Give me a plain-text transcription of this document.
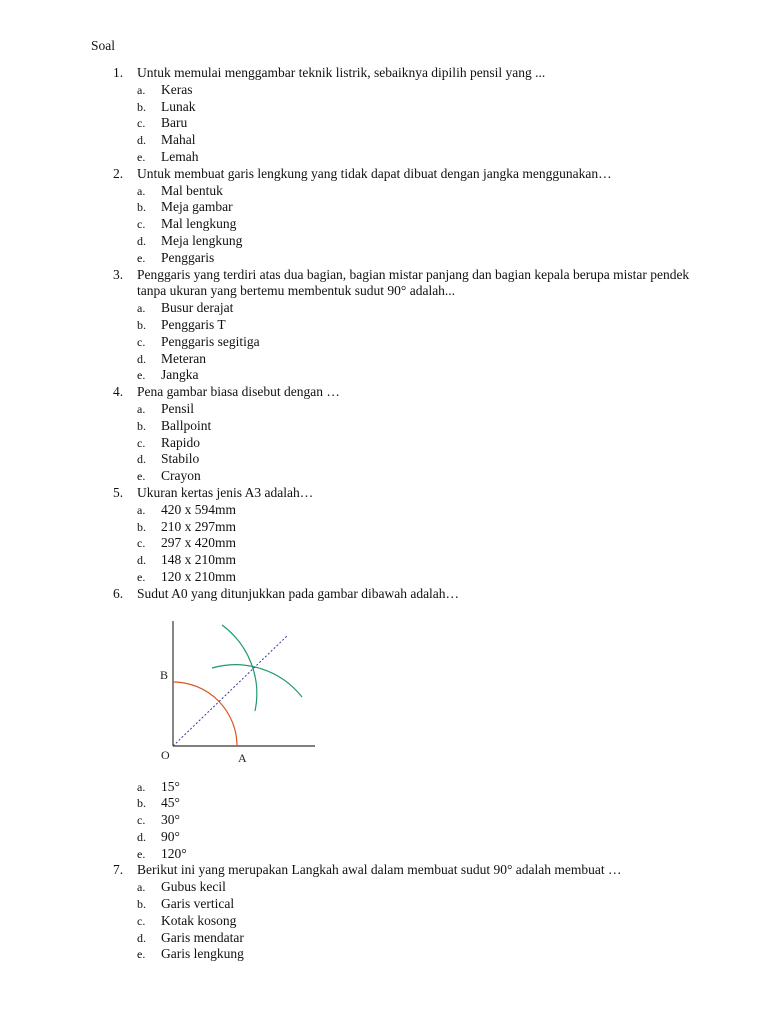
Soal
1. Untuk memulai menggambar teknik listrik, sebaiknya dipilih pensil yang ...
a. Keras
b. Lunak
c. Baru
d. Mahal
e. Lemah
2. Untuk membuat garis lengkung yang tidak dapat dibuat dengan jangka menggunakan…
a. Mal bentuk
b. Meja gambar
c. Mal lengkung
d. Meja lengkung
e. Penggaris
3. Penggaris yang terdiri atas dua bagian, bagian mistar panjang dan bagian kepala berupa mistar pendek tanpa ukuran yang bertemu membentuk sudut 90° adalah...
a. Busur derajat
b. Penggaris T
c. Penggaris segitiga
d. Meteran
e. Jangka
4. Pena gambar biasa disebut dengan …
a. Pensil
b. Ballpoint
c. Rapido
d. Stabilo
e. Crayon
5. Ukuran kertas jenis A3 adalah…
a. 420 x 594mm
b. 210 x 297mm
c. 297 x 420mm
d. 148 x 210mm
e. 120 x 210mm
6. Sudut A0 yang ditunjukkan pada gambar dibawah adalah…
B
O	A
a. 15°
b. 45°
c. 30°
d. 90°
e. 120°
7. Berikut ini yang merupakan Langkah awal dalam membuat sudut 90° adalah membuat …
a. Gubus kecil
b. Garis vertical
c. Kotak kosong
d. Garis mendatar
e. Garis lengkung
